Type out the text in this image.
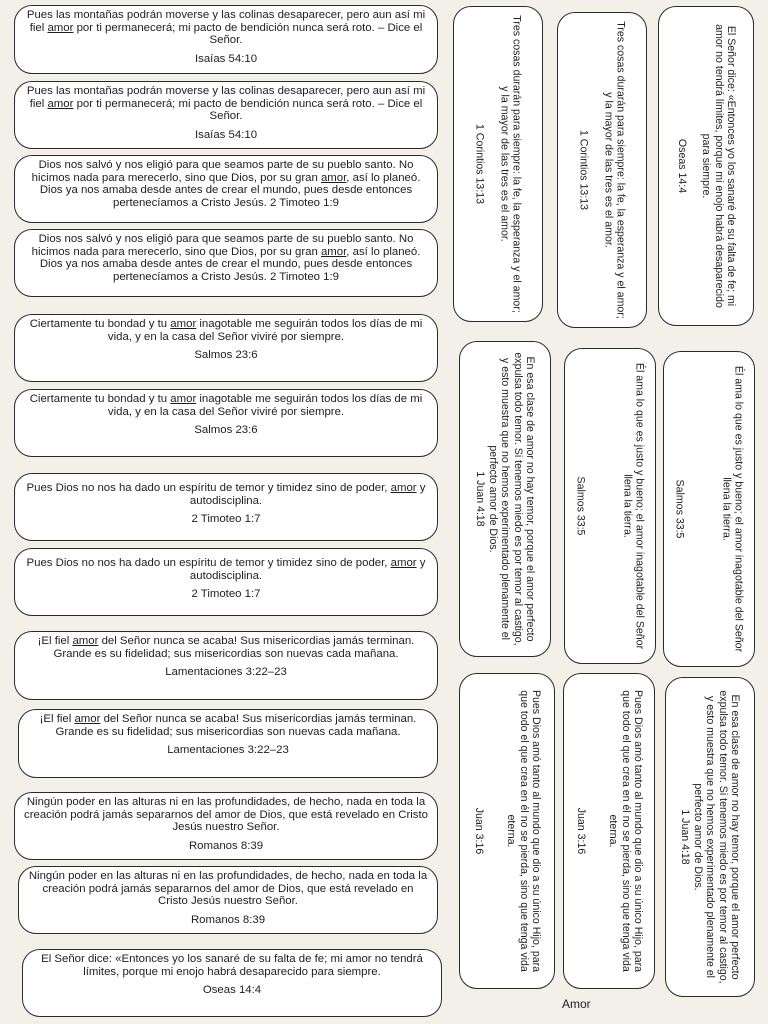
Pues las montañas podrán moverse y las colinas desaparecer, pero aun así mi fiel amor por ti permanecerá; mi pacto de bendición nunca será roto. – Dice el Señor.

Isaías 54:10

Pues las montañas podrán moverse y las colinas desaparecer, pero aun así mi fiel amor por ti permanecerá; mi pacto de bendición nunca será roto. – Dice el Señor.

Isaías 54:10

Dios nos salvó y nos eligió para que seamos parte de su pueblo santo. No hicimos nada para merecerlo, sino que Dios, por su gran amor, así lo planeó. Dios ya nos amaba desde antes de crear el mundo, pues desde entonces pertenecíamos a Cristo Jesús. 2 Timoteo 1:9

Dios nos salvó y nos eligió para que seamos parte de su pueblo santo. No hicimos nada para merecerlo, sino que Dios, por su gran amor, así lo planeó. Dios ya nos amaba desde antes de crear el mundo, pues desde entonces pertenecíamos a Cristo Jesús. 2 Timoteo 1:9

Ciertamente tu bondad y tu amor inagotable me seguirán todos los días de mi vida, y en la casa del Señor viviré por siempre.

Salmos 23:6

Ciertamente tu bondad y tu amor inagotable me seguirán todos los días de mi vida, y en la casa del Señor viviré por siempre.

Salmos 23:6

Pues Dios no nos ha dado un espíritu de temor y timidez sino de poder, amor y autodisciplina.

2 Timoteo 1:7

Pues Dios no nos ha dado un espíritu de temor y timidez sino de poder, amor y autodisciplina.

2 Timoteo 1:7

¡El fiel amor del Señor nunca se acaba! Sus misericordias jamás terminan. Grande es su fidelidad; sus misericordias son nuevas cada mañana.

Lamentaciones 3:22–23

¡El fiel amor del Señor nunca se acaba! Sus misericordias jamás terminan. Grande es su fidelidad; sus misericordias son nuevas cada mañana.

Lamentaciones 3:22–23

Ningún poder en las alturas ni en las profundidades, de hecho, nada en toda la creación podrá jamás separarnos del amor de Dios, que está revelado en Cristo Jesús nuestro Señor.

Romanos 8:39

Ningún poder en las alturas ni en las profundidades, de hecho, nada en toda la creación podrá jamás separarnos del amor de Dios, que está revelado en Cristo Jesús nuestro Señor.

Romanos 8:39

El Señor dice: «Entonces yo los sanaré de su falta de fe; mi amor no tendrá límites, porque mi enojo habrá desaparecido para siempre.

Oseas 14:4
Tres cosas durarán para siempre: la fe, la esperanza y el amor; y la mayor de las tres es el amor.
1 Corintios 13:13	Tres cosas durarán para siempre: la fe, la esperanza y el amor; y la mayor de las tres es el amor.
1 Corintios 13:13	El Señor dice: «Entonces yo los sanaré de su falta de fe; mi amor no tendrá límites, porque mi enojo habrá desaparecido para siempre.
Oseas 14:4
En esa clase de amor no hay temor, porque el amor perfecto expulsa todo temor. Si tenemos miedo es por temor al castigo, y esto muestra que no hemos experimentado plenamente el perfecto amor de Dios.
1 Juan 4:18	Él ama lo que es justo y bueno; el amor inagotable del Señor llena la tierra.
Salmos 33:5	Él ama lo que es justo y bueno; el amor inagotable del Señor llena la tierra.
Salmos 33:5
Pues Dios amó tanto al mundo que dio a su único Hijo, para que todo el que crea en él no se pierda, sino que tenga vida eterna.
Juan 3:16	Pues Dios amó tanto al mundo que dio a su único Hijo, para que todo el que crea en él no se pierda, sino que tenga vida eterna.
Juan 3:16	En esa clase de amor no hay temor, porque el amor perfecto expulsa todo temor. Si tenemos miedo es por temor al castigo, y esto muestra que no hemos experimentado plenamente el perfecto amor de Dios.
1 Juan 4:18
Amor
